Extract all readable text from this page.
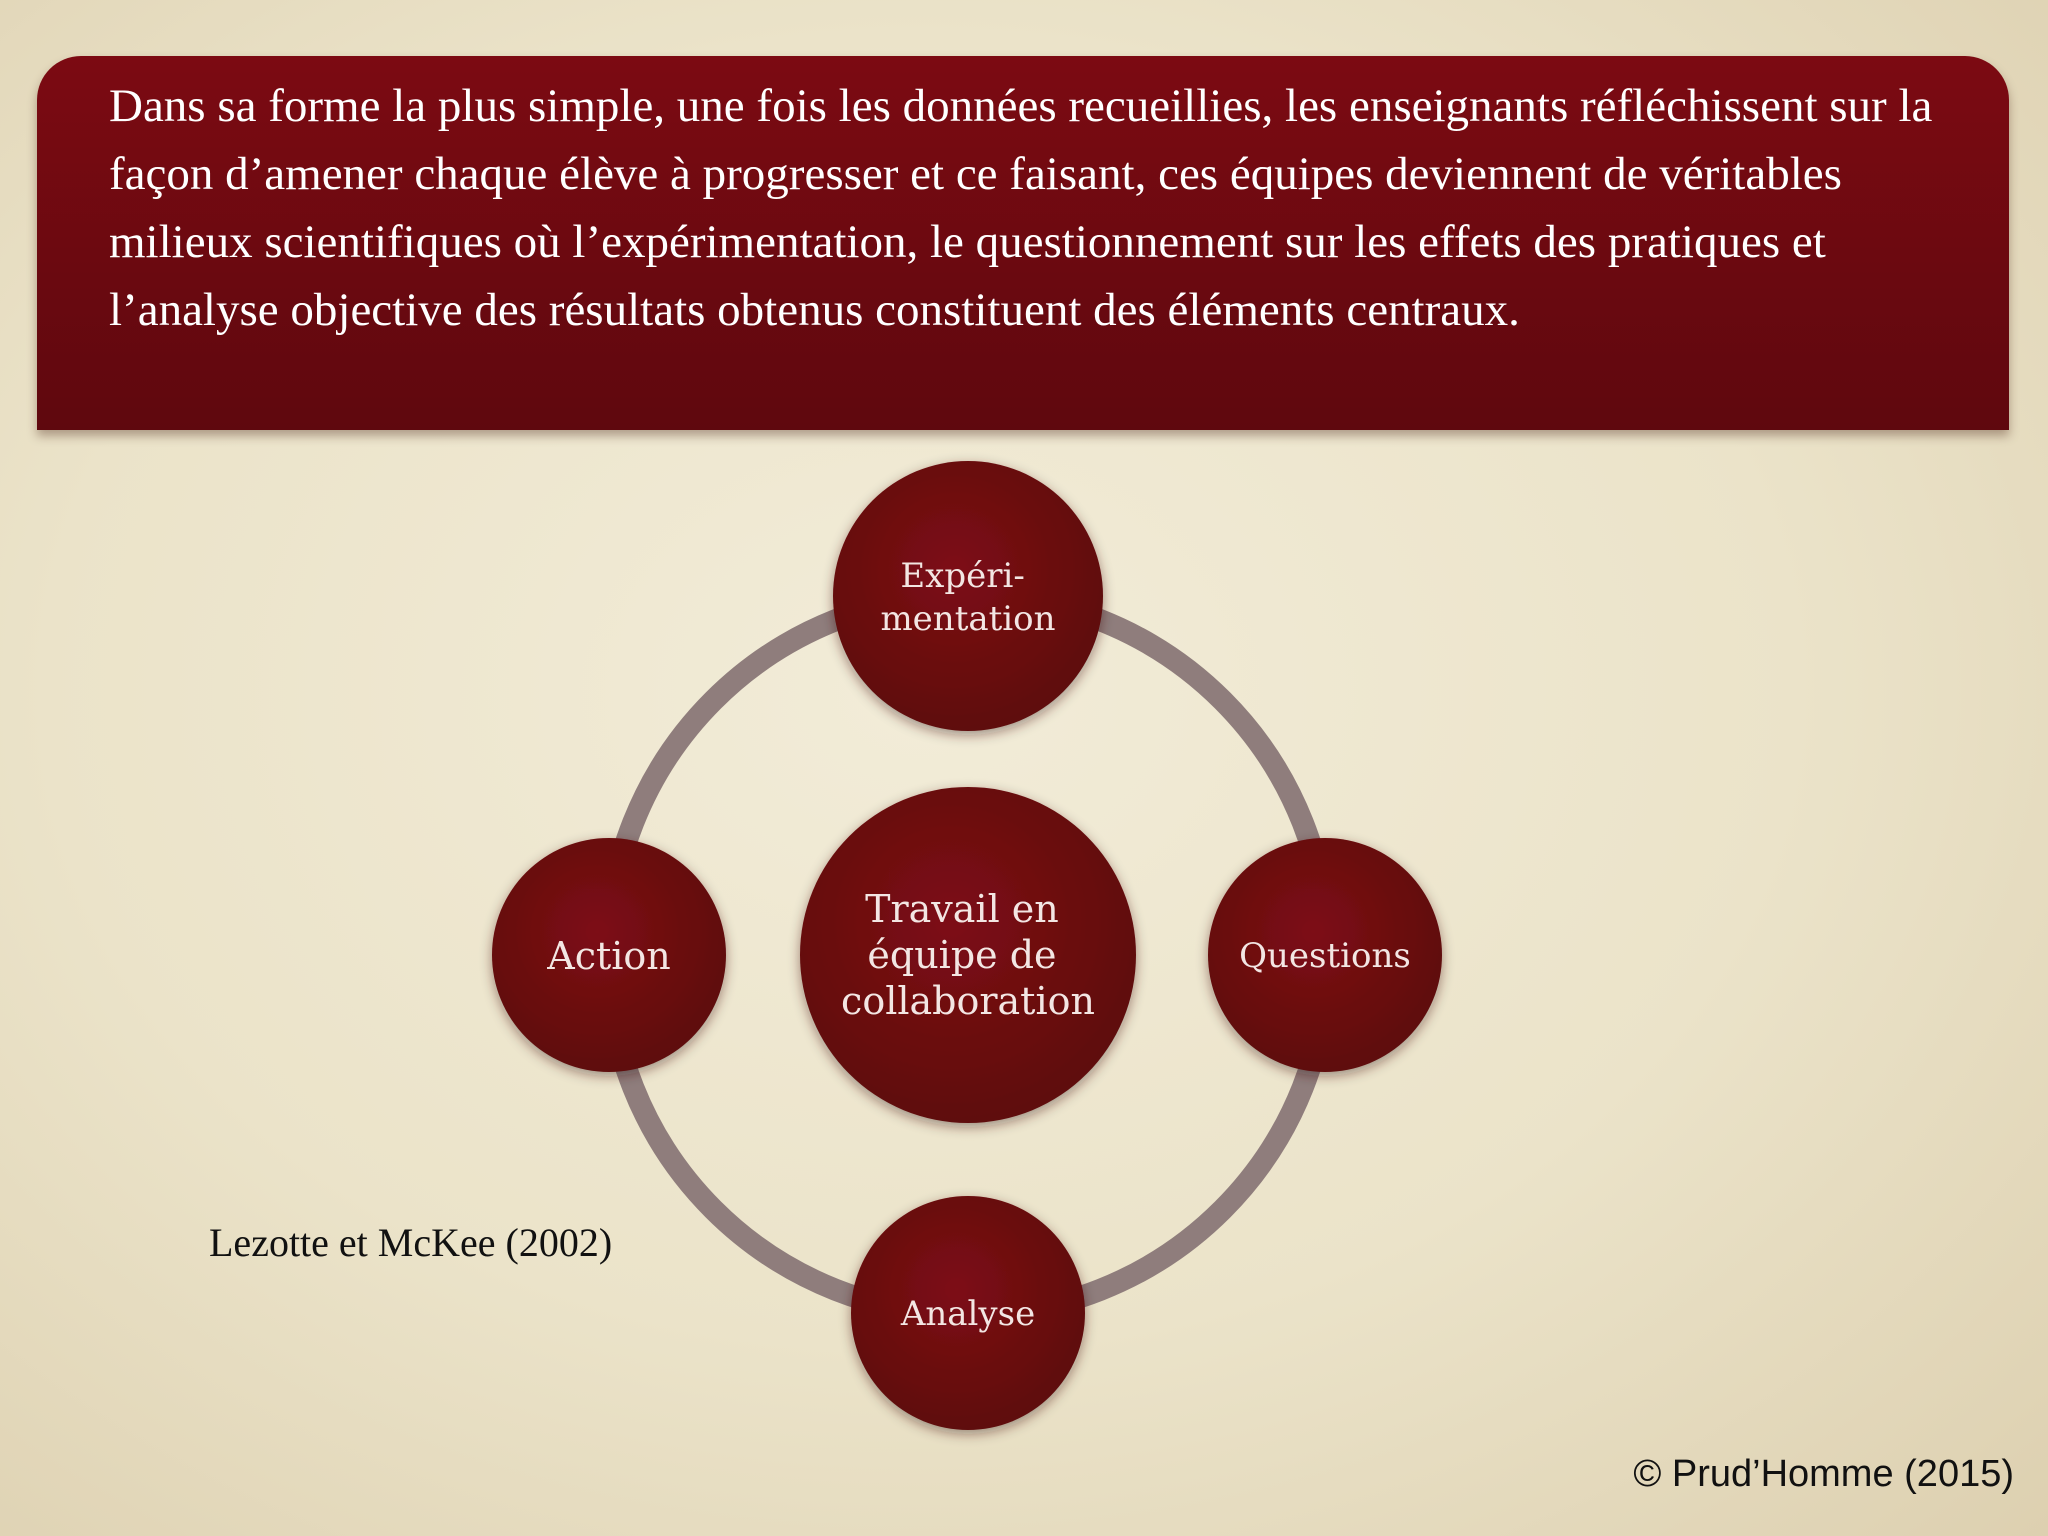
Dans sa forme la plus simple, une fois les données recueillies, les enseignants réfléchissent sur la façon d’amener chaque élève à progresser et ce faisant, ces équipes deviennent de véritables milieux scientifiques où l’expérimentation, le questionnement sur les effets des pratiques et l’analyse objective des résultats obtenus constituent des éléments centraux.
Travail en équipe de collaboration
Expéri- mentation
Questions
Analyse
Action
Lezotte et McKee (2002)
© Prud’Homme (2015)
